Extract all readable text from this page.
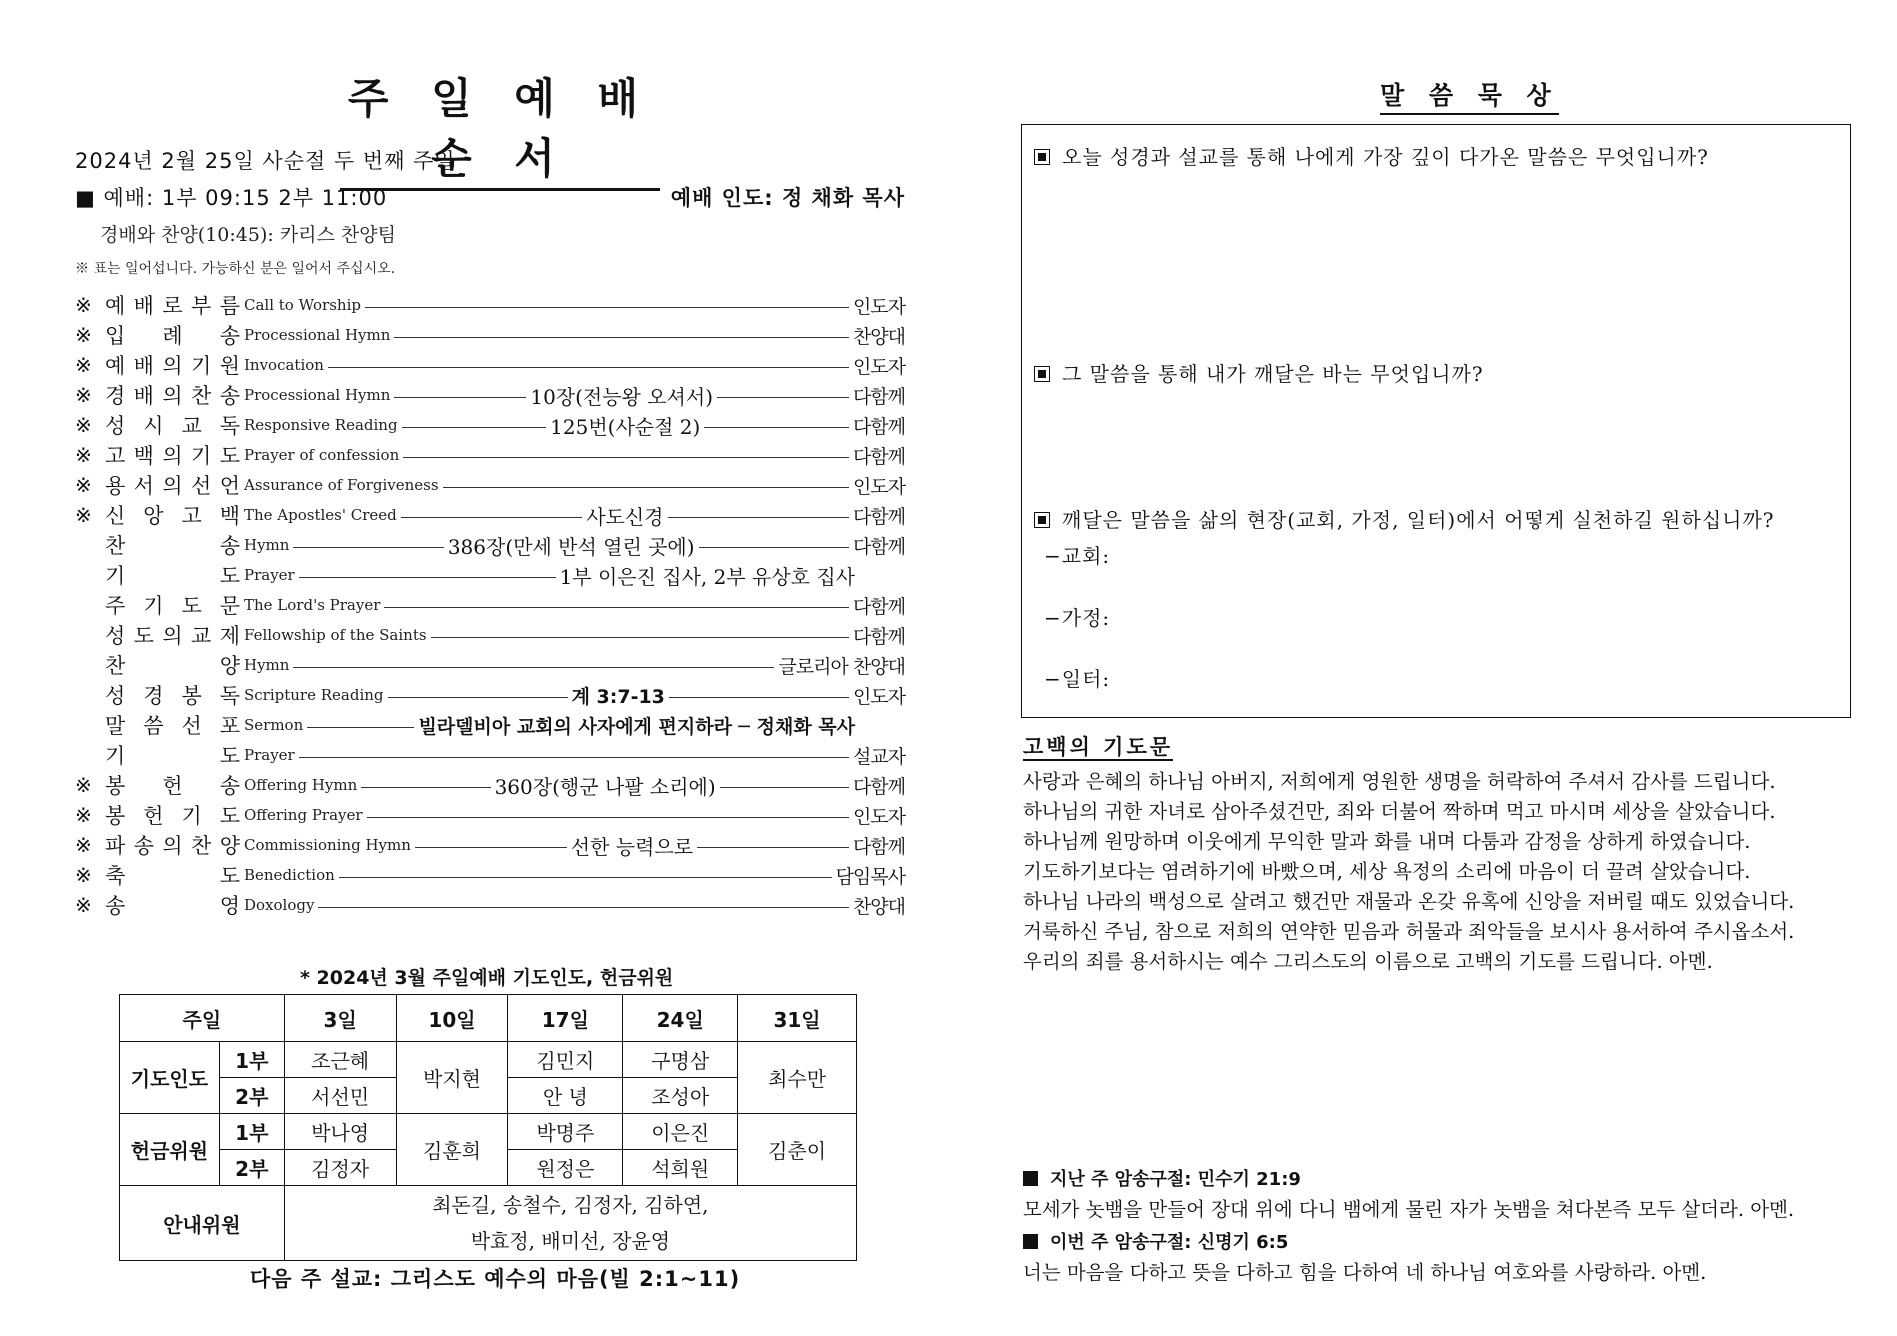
주 일 예 배 순 서
2024년 2월 25일 사순절 두 번째 주일
■ 예배: 1부 09:15 2부 11:00	예배 인도: 정 채화 목사
경배와 찬양(10:45): 카리스 찬양팀
※ 표는 일어섭니다. 가능하신 분은 일어서 주십시오.
※ 예 배 로 부 름 Call to Worship	인도자
※ 입 례 송 Processional Hymn	찬양대
※ 예 배 의 기 원 Invocation	인도자
※ 경 배 의 찬 송 Processional Hymn	10장(전능왕 오셔서)	다함께
※ 성 시 교 독 Responsive Reading	125번(사순절 2)	다함께
※ 고 백 의 기 도 Prayer of confession	다함께
※ 용 서 의 선 언 Assurance of Forgiveness	인도자
※ 신 앙 고 백 The Apostles' Creed	사도신경	다함께
찬	송 Hymn	386장(만세 반석 열린 곳에)	다함께
기	도 Prayer	1부 이은진 집사, 2부 유상호 집사
주 기 도 문 The Lord's Prayer	다함께
성 도 의 교 제 Fellowship of the Saints	다함께
찬	양 Hymn	글로리아 찬양대
성 경 봉 독 Scripture Reading	계 3:7-13	인도자
말 씀 선 포 Sermon	빌라델비아 교회의 사자에게 편지하라 ─ 정채화 목사
기	도 Prayer	설교자
※ 봉 헌 송 Offering Hymn	360장(행군 나팔 소리에)	다함께
※ 봉 헌 기 도 Offering Prayer	인도자
※ 파 송 의 찬 양 Commissioning Hymn	선한 능력으로	다함께
※ 축	도 Benediction	담임목사
※ 송	영 Doxology	찬양대
* 2024년 3월 주일예배 기도인도, 헌금위원
주일		3일	10일	17일	24일	31일
기도인도	1부	조근혜	박지현	김민지	구명삼	최수만
	2부	서선민		안 녕	조성아	
헌금위원	1부	박나영	김훈희	박명주	이은진	김춘이
	2부	김정자		원정은	석희원	
안내위원		최돈길, 송철수, 김정자, 김하연,
박효정, 배미선, 장윤영				
다음 주 설교: 그리스도 예수의 마음(빌 2:1~11)
말 씀 묵 상
오늘 성경과 설교를 통해 나에게 가장 깊이 다가온 말씀은 무엇입니까?
그 말씀을 통해 내가 깨달은 바는 무엇입니까?
깨달은 말씀을 삶의 현장(교회, 가정, 일터)에서 어떻게 실천하길 원하십니까?
−교회:
−가정:
−일터:
고백의 기도문

사랑과 은혜의 하나님 아버지, 저희에게 영원한 생명을 허락하여 주셔서 감사를 드립니다.

하나님의 귀한 자녀로 삼아주셨건만, 죄와 더불어 짝하며 먹고 마시며 세상을 살았습니다.

하나님께 원망하며 이웃에게 무익한 말과 화를 내며 다툼과 감정을 상하게 하였습니다.

기도하기보다는 염려하기에 바빴으며, 세상 욕정의 소리에 마음이 더 끌려 살았습니다.

하나님 나라의 백성으로 살려고 했건만 재물과 온갖 유혹에 신앙을 저버릴 때도 있었습니다.

거룩하신 주님, 참으로 저희의 연약한 믿음과 허물과 죄악들을 보시사 용서하여 주시옵소서.

우리의 죄를 용서하시는 예수 그리스도의 이름으로 고백의 기도를 드립니다. 아멘.

지난 주 암송구절: 민수기 21:9
모세가 놋뱀을 만들어 장대 위에 다니 뱀에게 물린 자가 놋뱀을 쳐다본즉 모두 살더라. 아멘.
이번 주 암송구절: 신명기 6:5
너는 마음을 다하고 뜻을 다하고 힘을 다하여 네 하나님 여호와를 사랑하라. 아멘.
